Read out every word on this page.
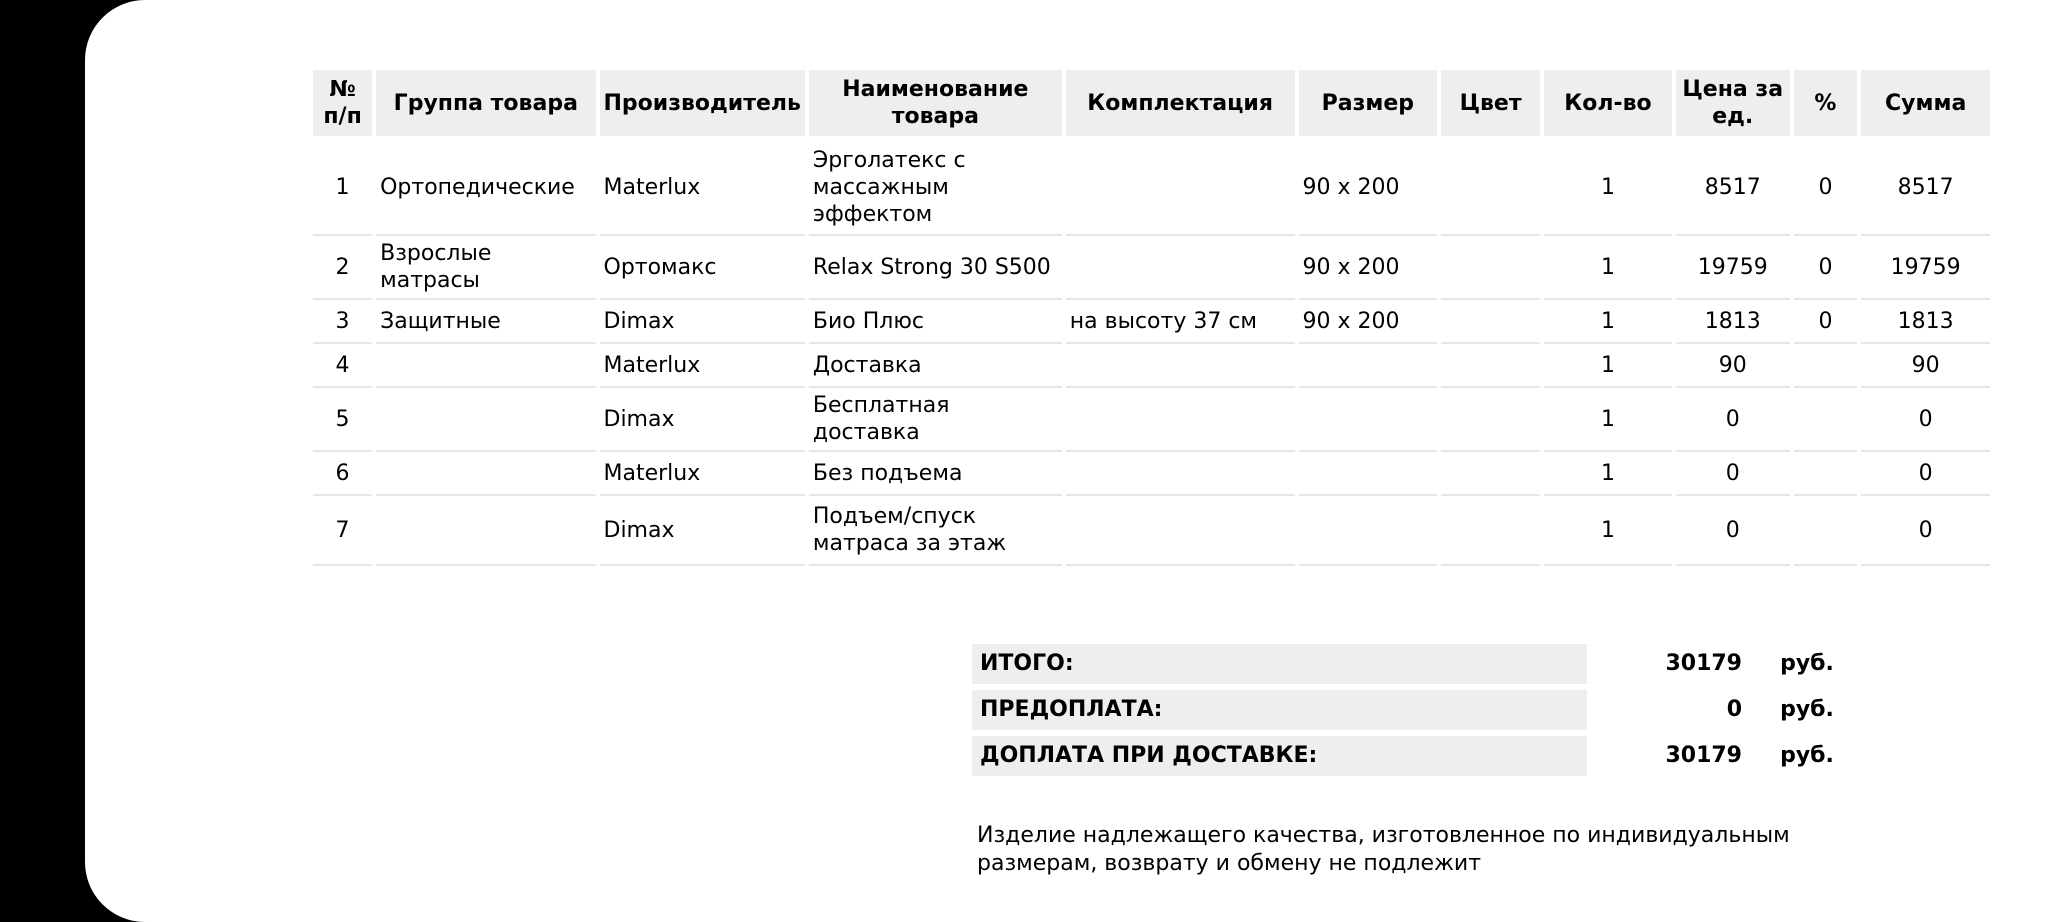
№ п/п	Группа товара	Производитель	Наименование товара	Комплектация	Размер	Цвет	Кол-во	Цена за ед.	%	Сумма
1	Ортопедические	Materlux	Эрголатекс с массажным эффектом		90 x 200		1	8517	0	8517
2	Взрослые матрасы	Ортомакс	Relax Strong 30 S500		90 x 200		1	19759	0	19759
3	Защитные	Dimax	Био Плюс	на высоту 37 см	90 x 200		1	1813	0	1813
4		Materlux	Доставка				1	90		90
5		Dimax	Бесплатная доставка				1	0		0
6		Materlux	Без подъема				1	0		0
7		Dimax	Подъем/спуск матраса за этаж				1	0		0
ИТОГО:	30179	руб.
ПРЕДОПЛАТА:	0	руб.
ДОПЛАТА ПРИ ДОСТАВКЕ:	30179	руб.
Изделие надлежащего качества, изготовленное по индивидуальным размерам, возврату и обмену не подлежит
